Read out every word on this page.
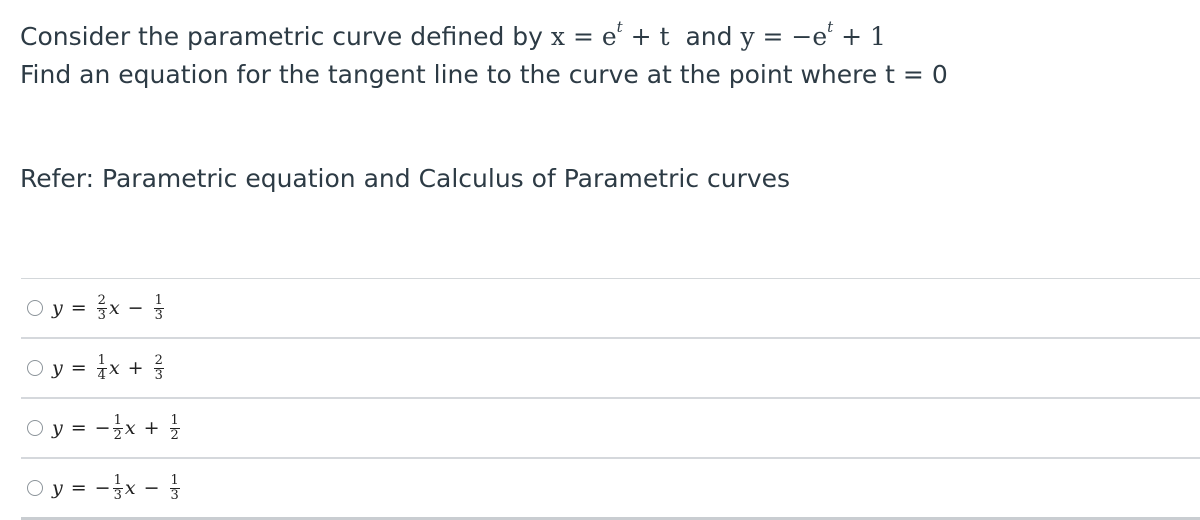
Consider the parametric curve defined by $x = e^t + t$  and $y = -e^t + 1$
Find an equation for the tangent line to the curve at the point where t = 0
Refer: Parametric equation and Calculus of Parametric curves
$y = \frac{2}{3}$ $x - \frac{1}{3}$
$y = \frac{1}{4}$ $x + \frac{2}{3}$
y = − $\frac{1}{2}$ $x + \frac{1}{2}$
y = − $\frac{1}{3}$ $x - \frac{1}{3}$
